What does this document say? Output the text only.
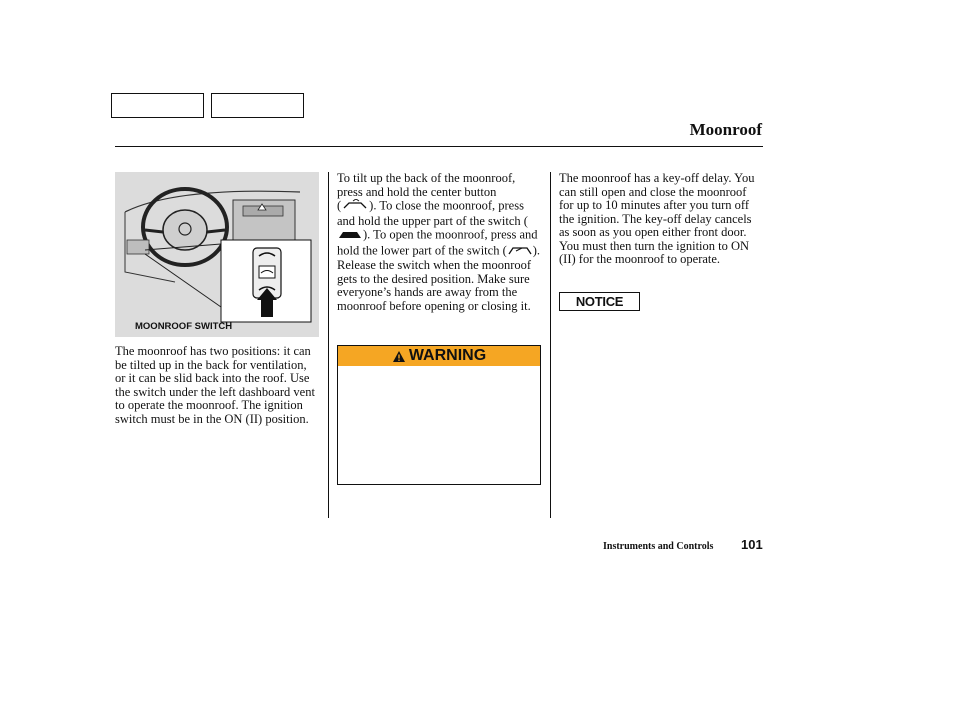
Moonroof
MOONROOF SWITCH
The moonroof has two positions: it can be tilted up in the back for ventilation, or it can be slid back into the roof. Use the switch under the left dashboard vent to operate the moonroof. The ignition switch must be in the ON (II) position.
To tilt up the back of the moonroof, press and hold the center button
( ). To close the moonroof, press and hold the upper part of the switch (). To open the moonroof, press and hold the lower part of the switch ( ). Release the switch when the moonroof gets to the desired position. Make sure everyone’s hands are away from the moonroof before opening or closing it.
WARNING
The moonroof has a key-off delay. You can still open and close the moonroof for up to 10 minutes after you turn off the ignition. The key-off delay cancels as soon as you open either front door. You must then turn the ignition to ON (II) for the moonroof to operate.
NOTICE
Instruments and Controls 101
